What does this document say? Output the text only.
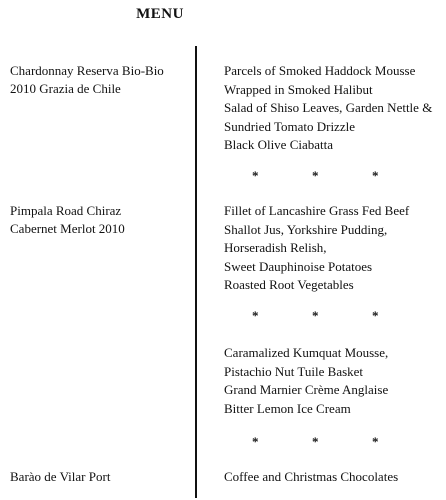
MENU
Chardonnay Reserva Bio-Bio
2010 Grazia de Chile
Pimpala Road Chiraz
Cabernet Merlot 2010
Barào de Vilar Port
Parcels of Smoked Haddock Mousse
Wrapped in Smoked Halibut
Salad of Shiso Leaves, Garden Nettle &
Sundried Tomato Drizzle
Black Olive Ciabatta
*	*	*
Fillet of Lancashire Grass Fed Beef
Shallot Jus, Yorkshire Pudding,
Horseradish Relish,
Sweet Dauphinoise Potatoes
Roasted Root Vegetables
*	*	*
Caramalized Kumquat Mousse,
Pistachio Nut Tuile Basket
Grand Marnier Crème Anglaise
Bitter Lemon Ice Cream
*	*	*
Coffee and Christmas Chocolates
